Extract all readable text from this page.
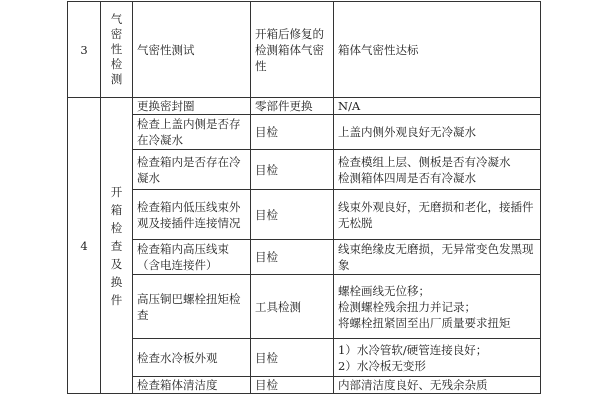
3	气密性检测	气密性测试	开箱后修复的检测箱体气密性	箱体气密性达标
4	开箱检查及换件	更换密封圈	零部件更换	N/A
		检查上盖内侧是否存在冷凝水	目检	上盖内侧外观良好无冷凝水
		检查箱内是否存在冷凝水	目检	检查模组上层、侧板是否有冷凝水
检测箱体四周是否有冷凝水
		检查箱内低压线束外观及接插件连接情况	目检	线束外观良好，无磨损和老化，接插件无松脱
		检查箱内高压线束（含电连接件）	目检	线束绝缘皮无磨损，无异常变色发黑现象
		高压铜巴螺栓扭矩检查	工具检测	螺栓画线无位移；
检测螺栓残余扭力并记录；
将螺栓扭紧固至出厂质量要求扭矩
		检查水冷板外观	目检	1）水冷管软/硬管连接良好；
2）水冷板无变形
		检查箱体清洁度	目检	内部清洁度良好、无残余杂质
